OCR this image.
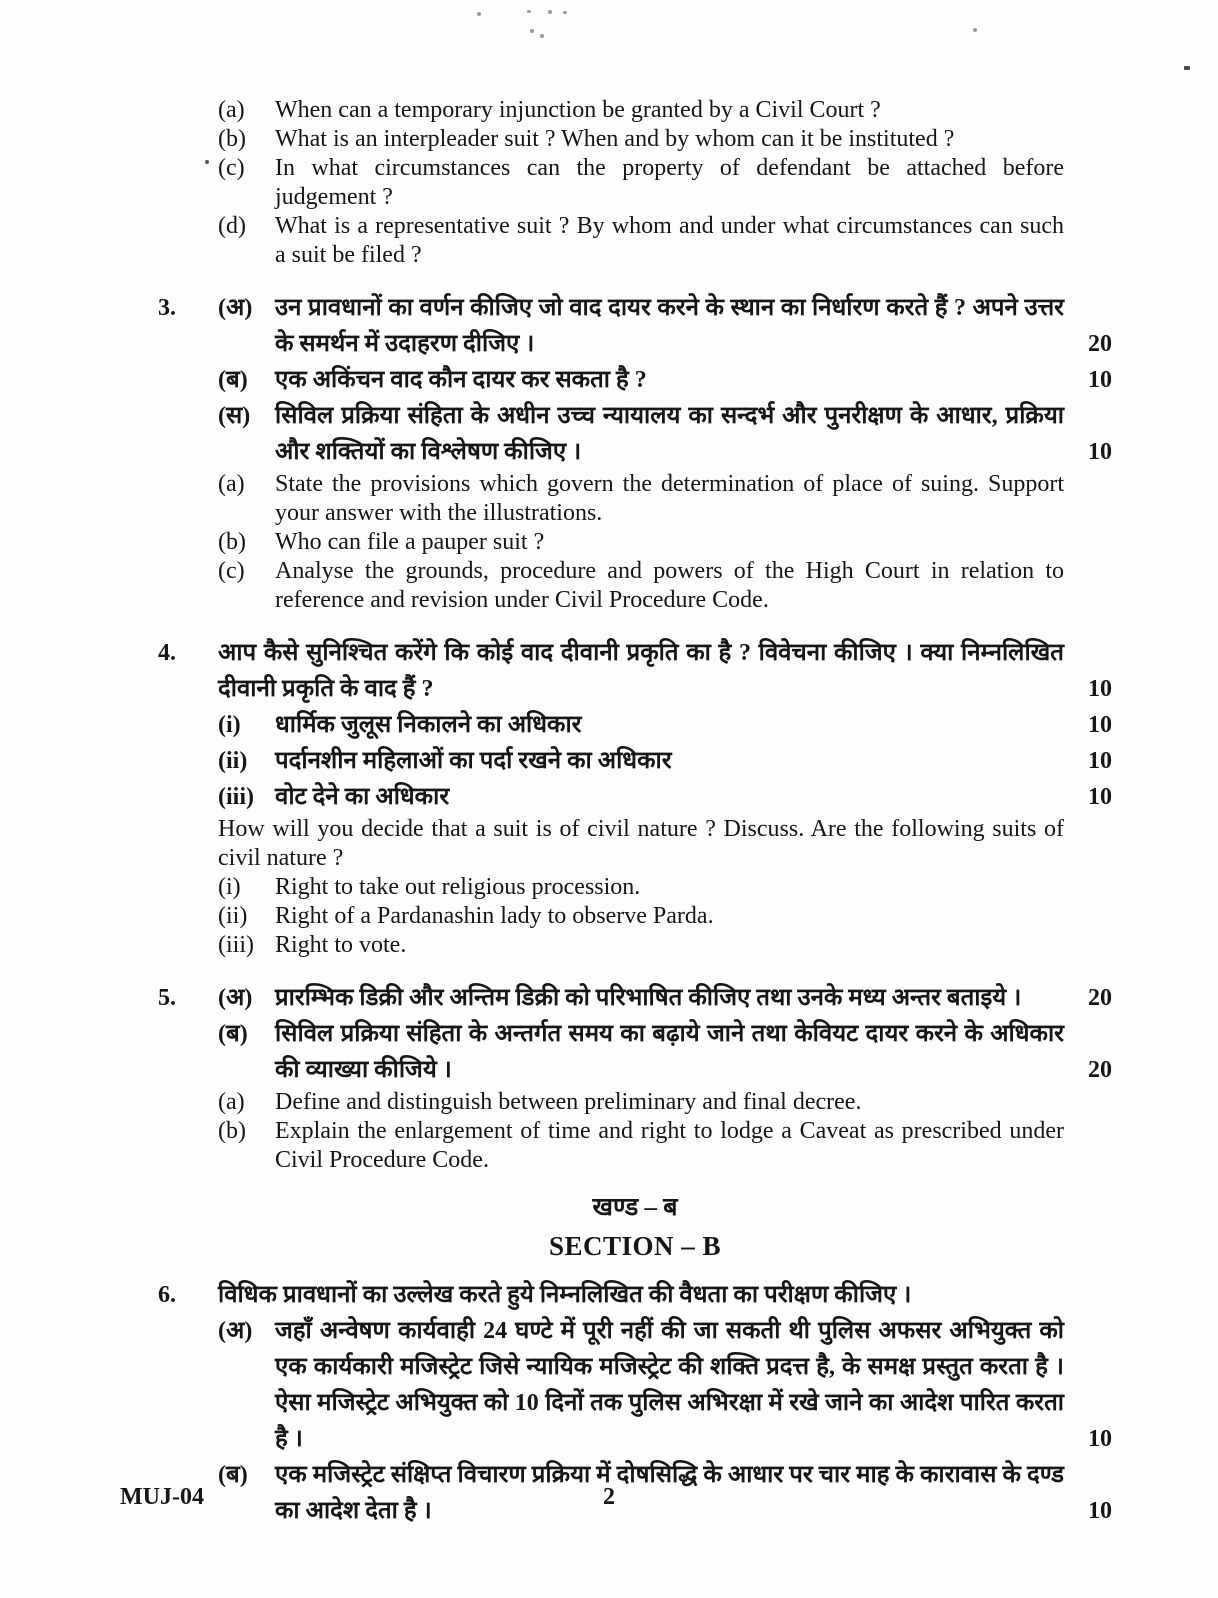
(a)	When can a temporary injunction be granted by a Civil Court ?
(b)	What is an interpleader suit ? When and by whom can it be instituted ?
(c)	In what circumstances can the property of defendant be attached before judgement ?
(d)	What is a representative suit ? By whom and under what circumstances can such a suit be filed ?
3.	(अ) उन प्रावधानों का वर्णन कीजिए जो वाद दायर करने के स्थान का निर्धारण करते हैं ? अपने उत्तर के समर्थन में उदाहरण दीजिए ।	20
(ब)	एक अकिंचन वाद कौन दायर कर सकता है ?	10
(स)	सिविल प्रक्रिया संहिता के अधीन उच्च न्यायालय का सन्दर्भ और पुनरीक्षण के आधार, प्रक्रिया और शक्तियों का विश्लेषण कीजिए ।	10
(a)	State the provisions which govern the determination of place of suing. Support your answer with the illustrations.
(b)	Who can file a pauper suit ?
(c)	Analyse the grounds, procedure and powers of the High Court in relation to reference and revision under Civil Procedure Code.
4.	आप कैसे सुनिश्चित करेंगे कि कोई वाद दीवानी प्रकृति का है ? विवेचना कीजिए । क्या निम्नलिखित दीवानी प्रकृति के वाद हैं ?	10
(i)	धार्मिक जुलूस निकालने का अधिकार	10
(ii)	पर्दानशीन महिलाओं का पर्दा रखने का अधिकार	10
(iii) वोट देने का अधिकार	10
How will you decide that a suit is of civil nature ? Discuss. Are the following suits of civil nature ?
(i)	Right to take out religious procession.
(ii)	Right of a Pardanashin lady to observe Parda.
(iii) Right to vote.
5.	(अ) प्रारम्भिक डिक्री और अन्तिम डिक्री को परिभाषित कीजिए तथा उनके मध्य अन्तर बताइये ।	20
(ब)	सिविल प्रक्रिया संहिता के अन्तर्गत समय का बढ़ाये जाने तथा केवियट दायर करने के अधिकार की व्याख्या कीजिये ।	20
(a)	Define and distinguish between preliminary and final decree.
(b)	Explain the enlargement of time and right to lodge a Caveat as prescribed under Civil Procedure Code.
खण्ड – ब
SECTION – B
6.	विधिक प्रावधानों का उल्लेख करते हुये निम्नलिखित की वैधता का परीक्षण कीजिए ।
(अ) जहाँ अन्वेषण कार्यवाही 24 घण्टे में पूरी नहीं की जा सकती थी पुलिस अफसर अभियुक्त को एक कार्यकारी मजिस्ट्रेट जिसे न्यायिक मजिस्ट्रेट की शक्ति प्रदत्त है, के समक्ष प्रस्तुत करता है । ऐसा मजिस्ट्रेट अभियुक्त को 10 दिनों तक पुलिस अभिरक्षा में रखे जाने का आदेश पारित करता है ।	10
(ब)	एक मजिस्ट्रेट संक्षिप्त विचारण प्रक्रिया में दोषसिद्धि के आधार पर चार माह के कारावास के दण्ड का आदेश देता है ।	10
MUJ-04	2
